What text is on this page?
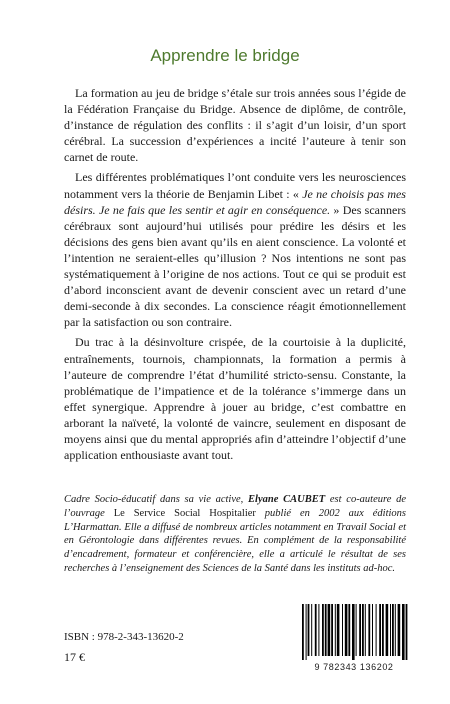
Apprendre le bridge

La formation au jeu de bridge s’étale sur trois années sous l’égide de la Fédération Française du Bridge. Absence de diplôme, de contrôle, d’instance de régulation des conflits : il s’agit d’un loisir, d’un sport cérébral. La succession d’expériences a incité l’auteure à tenir son carnet de route.

Les différentes problématiques l’ont conduite vers les neurosciences notamment vers la théorie de Benjamin Libet : « Je ne choisis pas mes désirs. Je ne fais que les sentir et agir en conséquence. » Des scanners cérébraux sont aujourd’hui utilisés pour prédire les désirs et les décisions des gens bien avant qu’ils en aient conscience. La volonté et l’intention ne seraient-elles qu’illusion ? Nos intentions ne sont pas systématiquement à l’origine de nos actions. Tout ce qui se produit est d’abord inconscient avant de devenir conscient avec un retard d’une demi-seconde à dix secondes. La conscience réagit émotionnellement par la satisfaction ou son contraire.

Du trac à la désinvolture crispée, de la courtoisie à la duplicité, entraînements, tournois, championnats, la formation a permis à l’auteure de comprendre l’état d’humilité stricto-sensu. Constante, la problématique de l’impatience et de la tolérance s’immerge dans un effet synergique. Apprendre à jouer au bridge, c’est combattre en arborant la naïveté, la volonté de vaincre, seulement en disposant de moyens ainsi que du mental appropriés afin d’atteindre l’objectif d’une application enthousiaste avant tout.

Cadre Socio-éducatif dans sa vie active, Elyane CAUBET est co-auteure de l’ouvrage Le Service Social Hospitalier publié en 2002 aux éditions L’Harmattan. Elle a diffusé de nombreux articles notamment en Travail Social et en Gérontologie dans différentes revues. En complément de la responsabilité d’encadrement, formateur et conférencière, elle a articulé le résultat de ses recherches à l’enseignement des Sciences de la Santé dans les instituts ad-hoc.
ISBN : 978-2-343-13620-2
17 €
9 782343 136202
